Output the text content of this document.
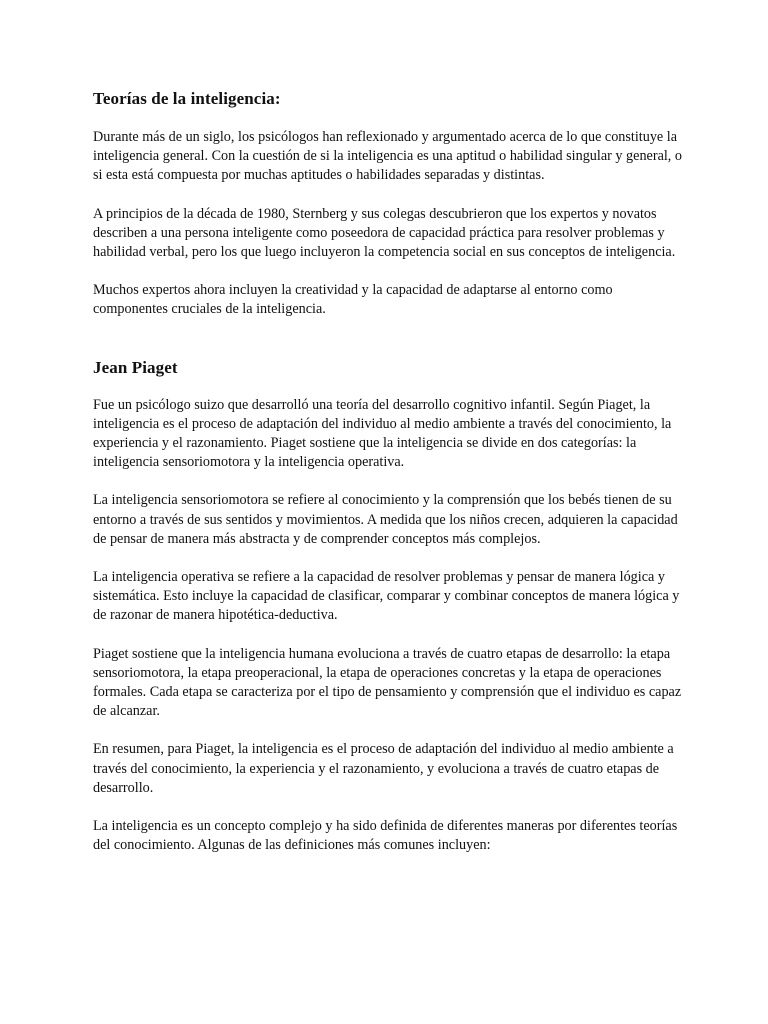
Teorías de la inteligencia:

Durante más de un siglo, los psicólogos han reflexionado y argumentado acerca de lo que constituye la inteligencia general. Con la cuestión de si la inteligencia es una aptitud o habilidad singular y general, o si esta está compuesta por muchas aptitudes o habilidades separadas y distintas.

A principios de la década de 1980, Sternberg y sus colegas descubrieron que los expertos y novatos describen a una persona inteligente como poseedora de capacidad práctica para resolver problemas y habilidad verbal, pero los que luego incluyeron la competencia social en sus conceptos de inteligencia.

Muchos expertos ahora incluyen la creatividad y la capacidad de adaptarse al entorno como componentes cruciales de la inteligencia.

Jean Piaget

Fue un psicólogo suizo que desarrolló una teoría del desarrollo cognitivo infantil. Según Piaget, la inteligencia es el proceso de adaptación del individuo al medio ambiente a través del conocimiento, la experiencia y el razonamiento. Piaget sostiene que la inteligencia se divide en dos categorías: la inteligencia sensoriomotora y la inteligencia operativa.

La inteligencia sensoriomotora se refiere al conocimiento y la comprensión que los bebés tienen de su entorno a través de sus sentidos y movimientos. A medida que los niños crecen, adquieren la capacidad de pensar de manera más abstracta y de comprender conceptos más complejos.

La inteligencia operativa se refiere a la capacidad de resolver problemas y pensar de manera lógica y sistemática. Esto incluye la capacidad de clasificar, comparar y combinar conceptos de manera lógica y de razonar de manera hipotética-deductiva.

Piaget sostiene que la inteligencia humana evoluciona a través de cuatro etapas de desarrollo: la etapa sensoriomotora, la etapa preoperacional, la etapa de operaciones concretas y la etapa de operaciones formales. Cada etapa se caracteriza por el tipo de pensamiento y comprensión que el individuo es capaz de alcanzar.

En resumen, para Piaget, la inteligencia es el proceso de adaptación del individuo al medio ambiente a través del conocimiento, la experiencia y el razonamiento, y evoluciona a través de cuatro etapas de desarrollo.

La inteligencia es un concepto complejo y ha sido definida de diferentes maneras por diferentes teorías del conocimiento. Algunas de las definiciones más comunes incluyen:
